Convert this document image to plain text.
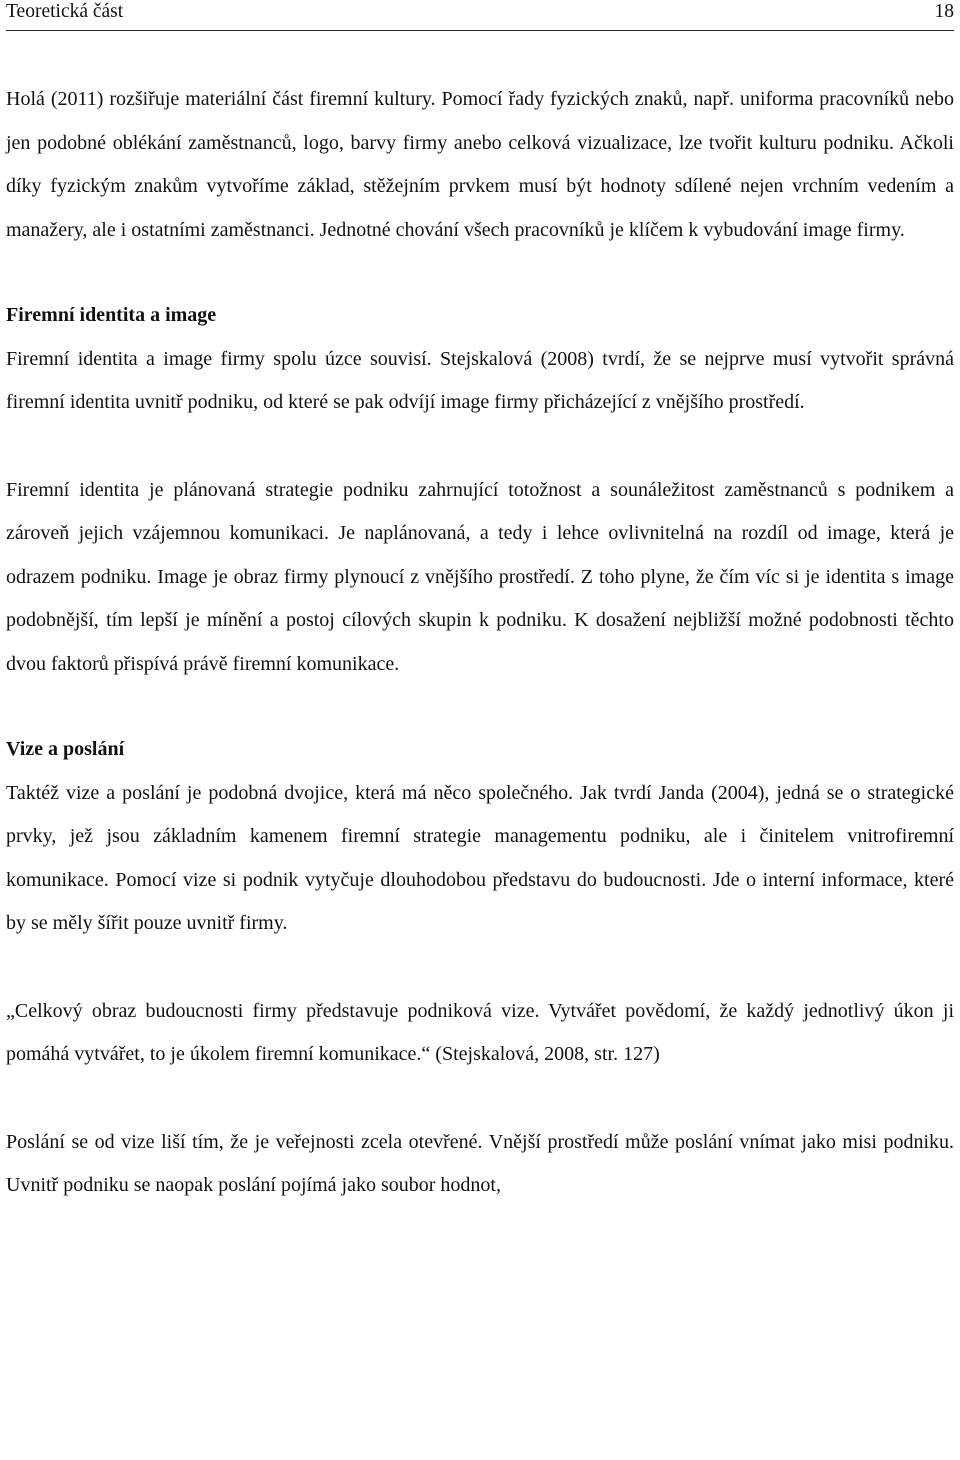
Teoretická část	18

Holá (2011) rozšiřuje materiální část firemní kultury. Pomocí řady fyzických znaků, např. uniforma pracovníků nebo jen podobné oblékání zaměstnanců, logo, barvy firmy anebo celková vizualizace, lze tvořit kulturu podniku. Ačkoli díky fyzickým znakům vytvoříme základ, stěžejním prvkem musí být hodnoty sdílené nejen vrchním vedením a manažery, ale i ostatními zaměstnanci. Jednotné chování všech pracovníků je klíčem k vybudování image firmy.

Firemní identita a image

Firemní identita a image firmy spolu úzce souvisí. Stejskalová (2008) tvrdí, že se nejprve musí vytvořit správná firemní identita uvnitř podniku, od které se pak odvíjí image firmy přicházející z vnějšího prostředí.

Firemní identita je plánovaná strategie podniku zahrnující totožnost a sounáležitost zaměstnanců s podnikem a zároveň jejich vzájemnou komunikaci. Je naplánovaná, a tedy i lehce ovlivnitelná na rozdíl od image, která je odrazem podniku. Image je obraz firmy plynoucí z vnějšího prostředí. Z toho plyne, že čím víc si je identita s image podobnější, tím lepší je mínění a postoj cílových skupin k podniku. K dosažení nejbližší možné podobnosti těchto dvou faktorů přispívá právě firemní komunikace.

Vize a poslání

Taktéž vize a poslání je podobná dvojice, která má něco společného. Jak tvrdí Janda (2004), jedná se o strategické prvky, jež jsou základním kamenem firemní strategie managementu podniku, ale i činitelem vnitrofiremní komunikace. Pomocí vize si podnik vytyčuje dlouhodobou představu do budoucnosti. Jde o interní informace, které by se měly šířit pouze uvnitř firmy.

„Celkový obraz budoucnosti firmy představuje podniková vize. Vytvářet povědomí, že každý jednotlivý úkon ji pomáhá vytvářet, to je úkolem firemní komunikace.“ (Stejskalová, 2008, str. 127)

Poslání se od vize liší tím, že je veřejnosti zcela otevřené. Vnější prostředí může poslání vnímat jako misi podniku. Uvnitř podniku se naopak poslání pojímá jako soubor hodnot,
